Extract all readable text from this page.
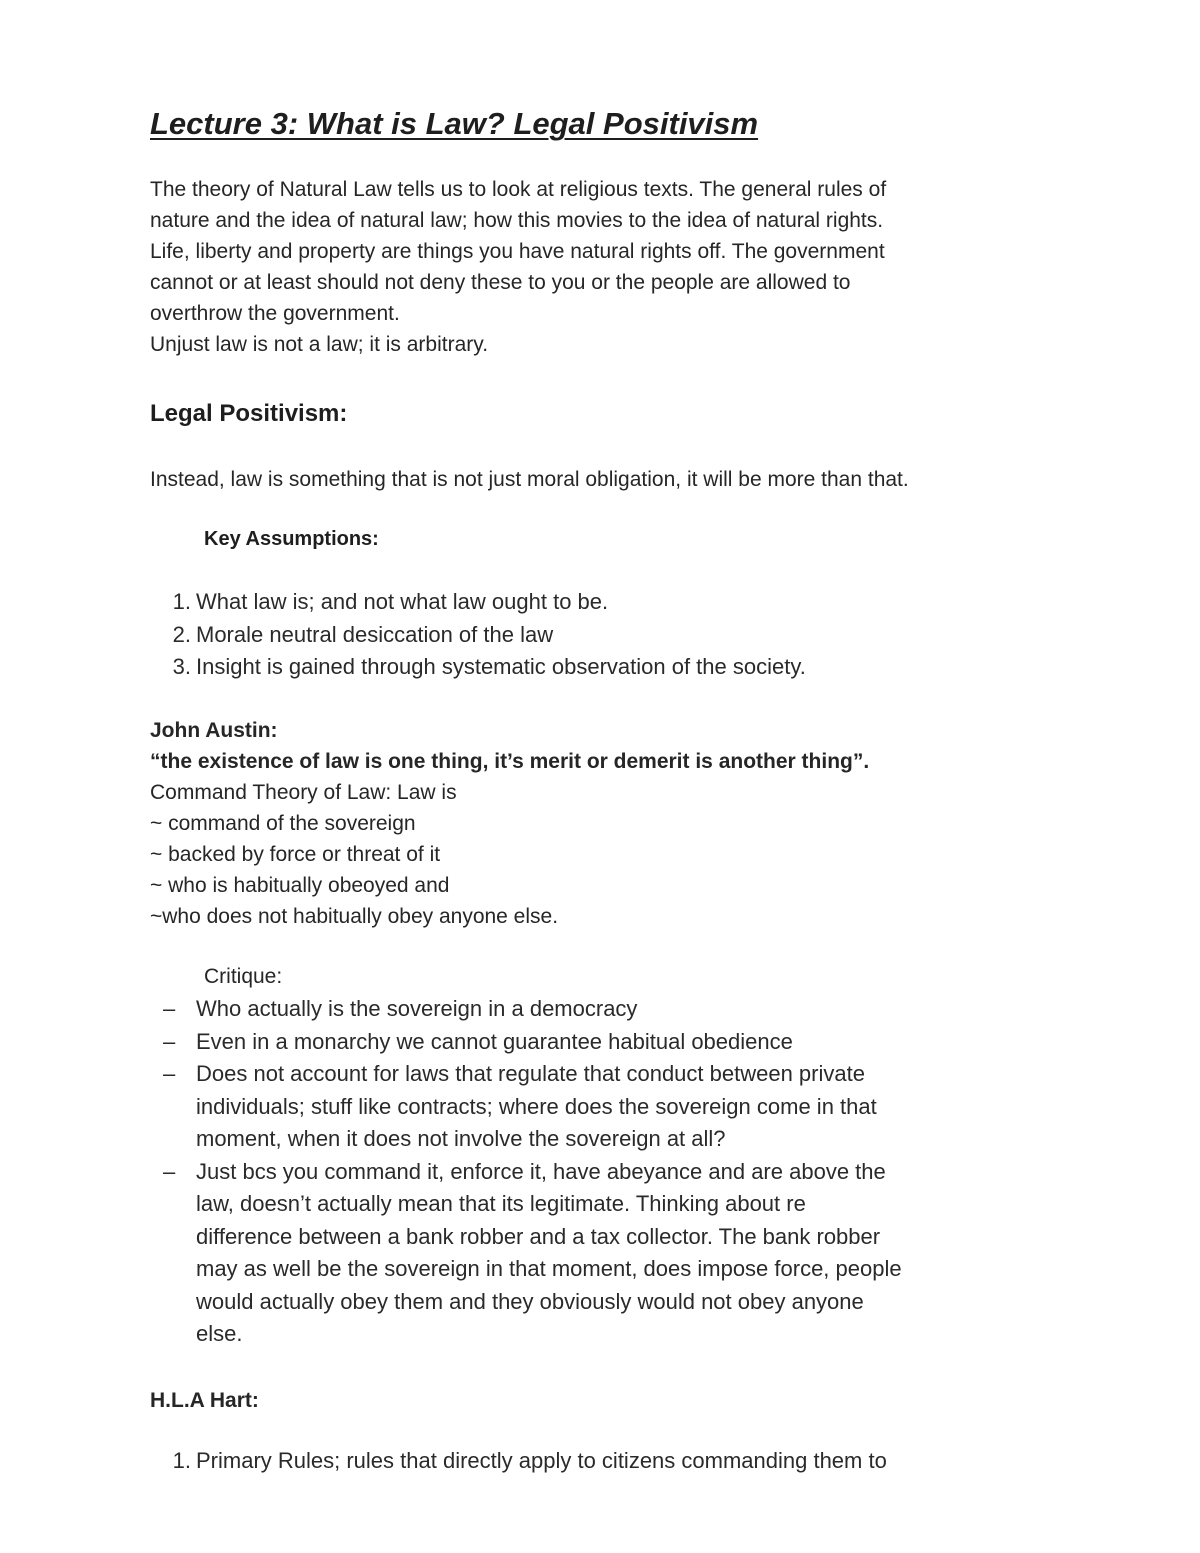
Lecture 3: What is Law? Legal Positivism
The theory of Natural Law tells us to look at religious texts. The general rules of
nature and the idea of natural law; how this movies to the idea of natural rights.
Life, liberty and property are things you have natural rights off. The government
cannot or at least should not deny these to you or the people are allowed to
overthrow the government.
Unjust law is not a law; it is arbitrary.
Legal Positivism:
Instead, law is something that is not just moral obligation, it will be more than that.
Key Assumptions:
1. What law is; and not what law ought to be.
2. Morale neutral desiccation of the law
3. Insight is gained through systematic observation of the society.
John Austin:
“the existence of law is one thing, it’s merit or demerit is another thing”.
Command Theory of Law: Law is
~ command of the sovereign
~ backed by force or threat of it
~ who is habitually obeoyed and
~who does not habitually obey anyone else.
Critique:
– Who actually is the sovereign in a democracy
– Even in a monarchy we cannot guarantee habitual obedience
– Does not account for laws that regulate that conduct between private
individuals; stuff like contracts; where does the sovereign come in that
moment, when it does not involve the sovereign at all?
– Just bcs you command it, enforce it, have abeyance and are above the
law, doesn’t actually mean that its legitimate. Thinking about re
difference between a bank robber and a tax collector. The bank robber
may as well be the sovereign in that moment, does impose force, people
would actually obey them and they obviously would not obey anyone
else.
H.L.A Hart:
1. Primary Rules; rules that directly apply to citizens commanding them to
